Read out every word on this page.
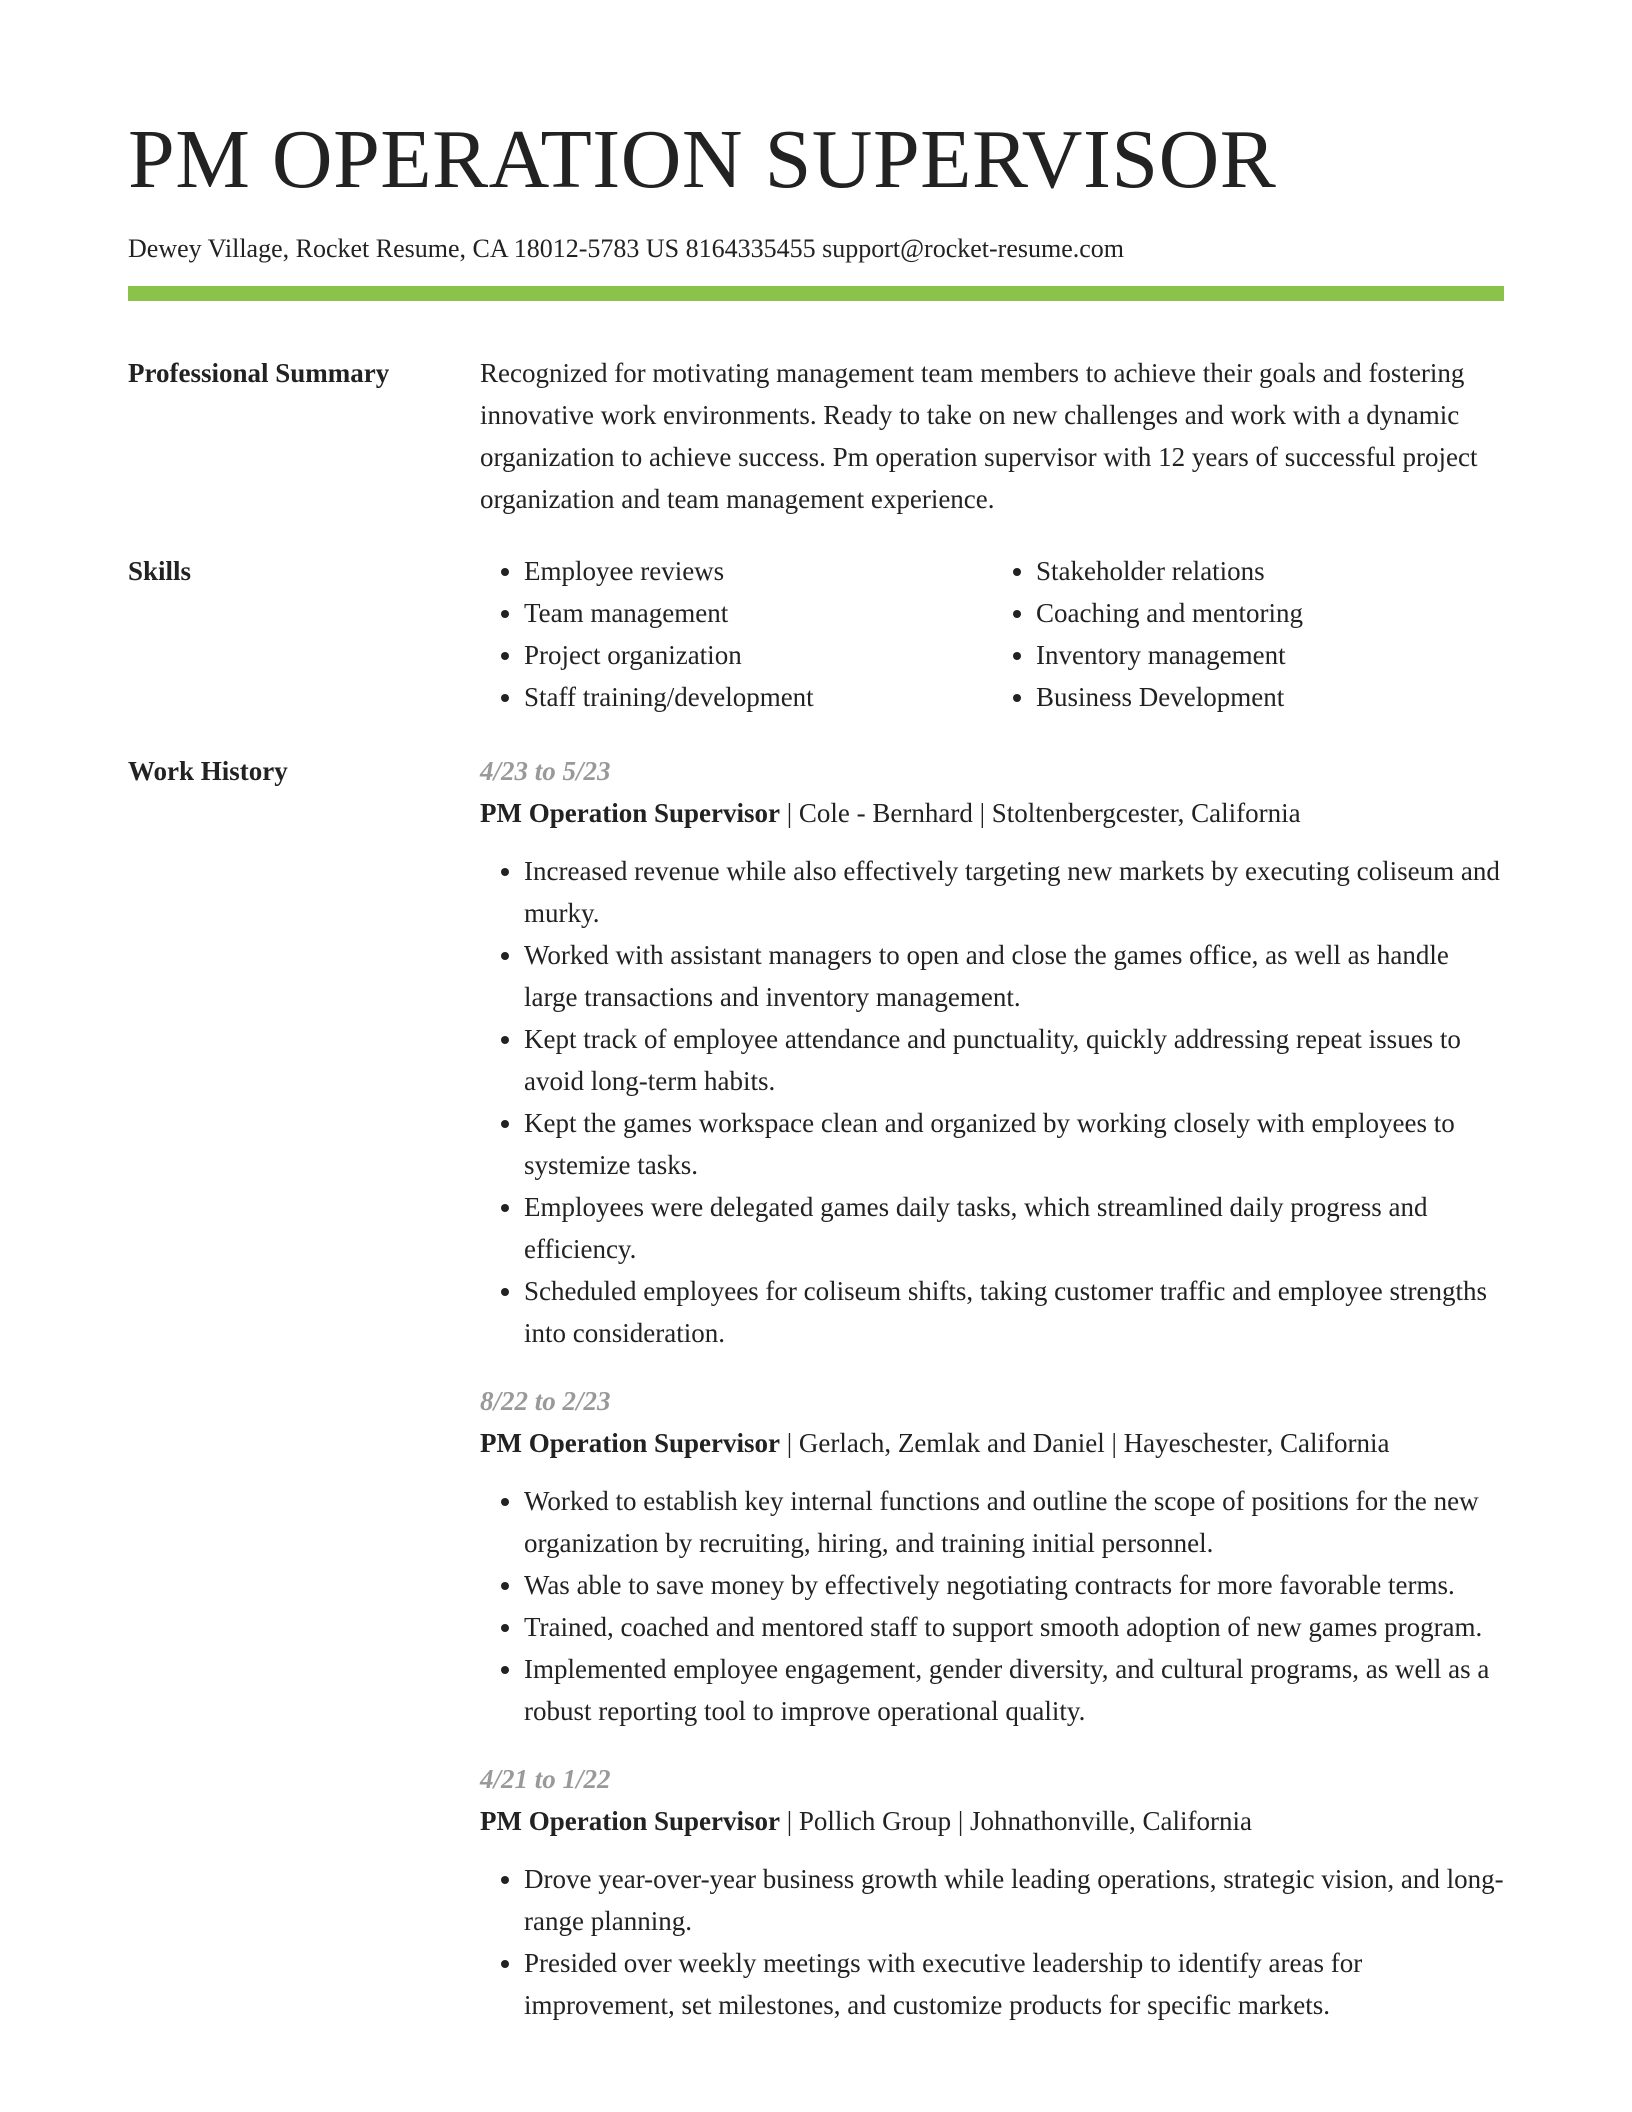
PM OPERATION SUPERVISOR
Dewey Village, Rocket Resume, CA 18012-5783 US 8164335455 support@rocket-resume.com
Professional Summary	Recognized for motivating management team members to achieve their goals and fostering innovative work environments. Ready to take on new challenges and work with a dynamic organization to achieve success. Pm operation supervisor with 12 years of successful project organization and team management experience.

Skills
•	Employee reviews
• Team management
• Project organization
• Staff training/development
• Stakeholder relations
• Coaching and mentoring
• Inventory management
• Business Development
Work History	4/23 to 5/23
PM Operation Supervisor | Cole - Bernhard | Stoltenbergcester, California
• Increased revenue while also effectively targeting new markets by executing coliseum and murky.
• Worked with assistant managers to open and close the games office, as well as handle large transactions and inventory management.
• Kept track of employee attendance and punctuality, quickly addressing repeat issues to avoid long-term habits.
• Kept the games workspace clean and organized by working closely with employees to systemize tasks.
• Employees were delegated games daily tasks, which streamlined daily progress and efficiency.
• Scheduled employees for coliseum shifts, taking customer traffic and employee strengths into consideration.
8/22 to 2/23
PM Operation Supervisor | Gerlach, Zemlak and Daniel | Hayeschester, California
• Worked to establish key internal functions and outline the scope of positions for the new organization by recruiting, hiring, and training initial personnel.
• Was able to save money by effectively negotiating contracts for more favorable terms.
• Trained, coached and mentored staff to support smooth adoption of new games program.
• Implemented employee engagement, gender diversity, and cultural programs, as well as a robust reporting tool to improve operational quality.
4/21 to 1/22
PM Operation Supervisor | Pollich Group | Johnathonville, California
• Drove year-over-year business growth while leading operations, strategic vision, and long-range planning.
• Presided over weekly meetings with executive leadership to identify areas for improvement, set milestones, and customize products for specific markets.
